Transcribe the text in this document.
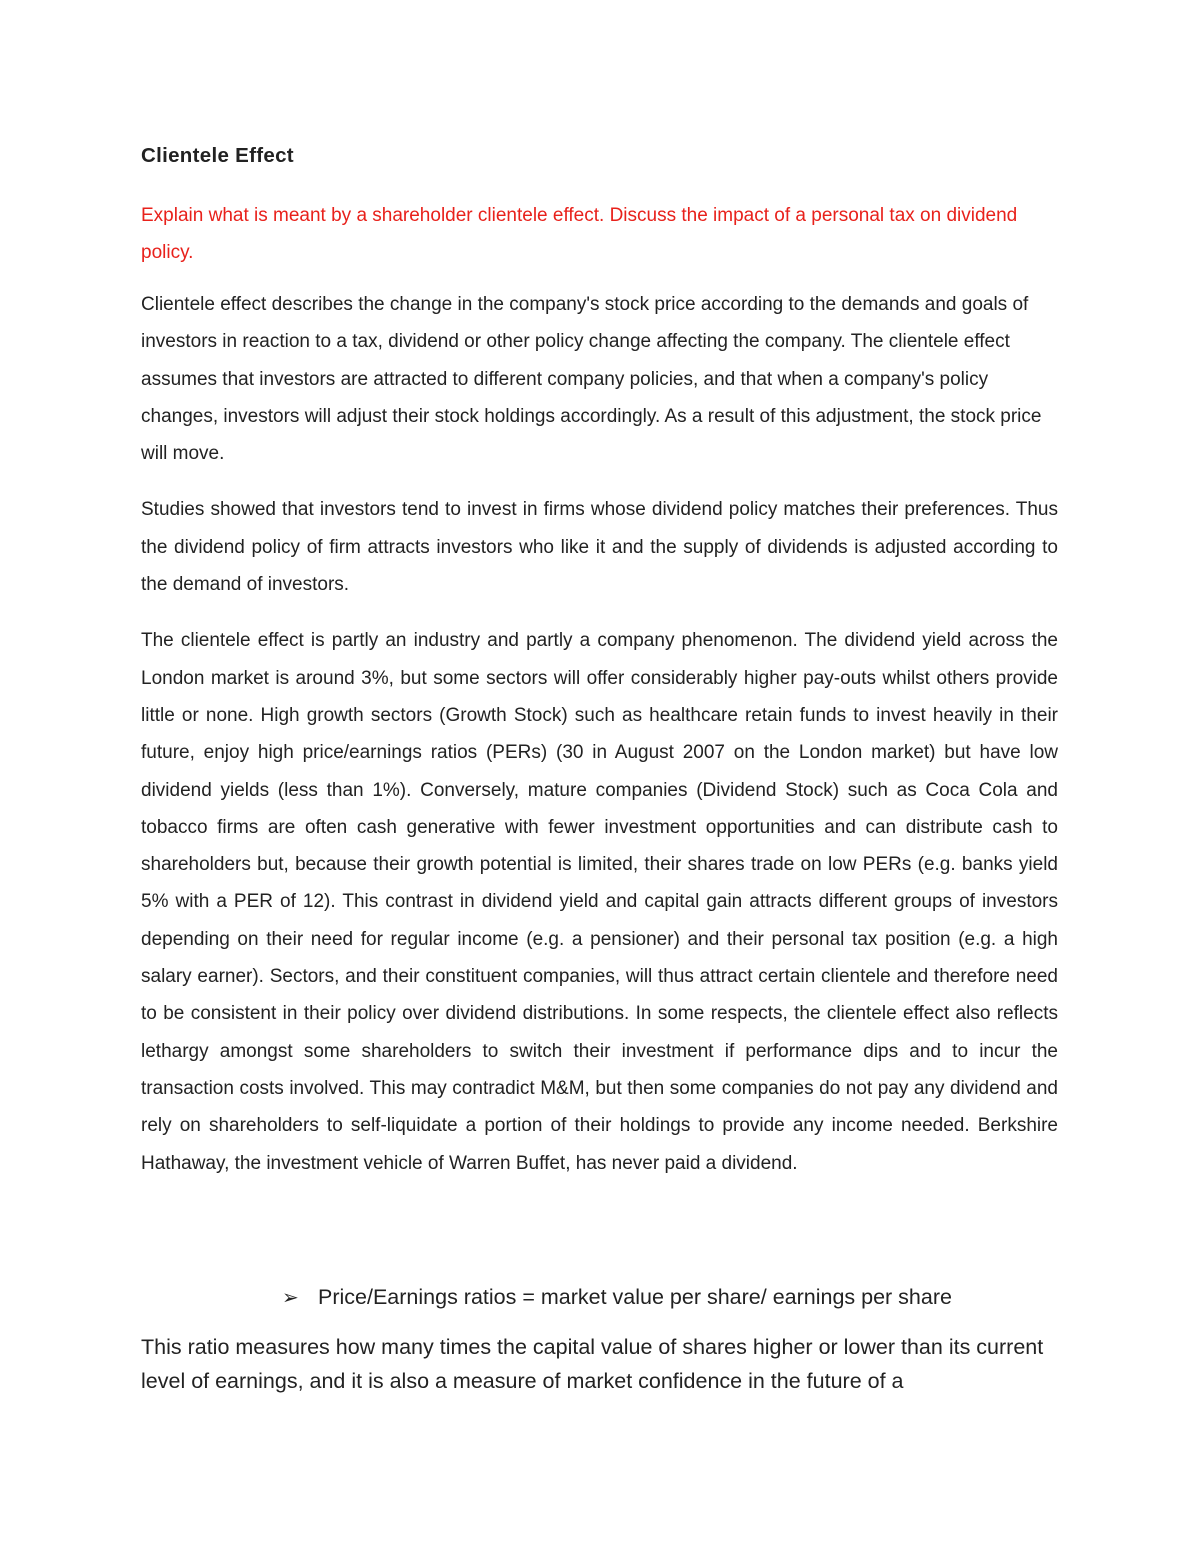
Clientele Effect

Explain what is meant by a shareholder clientele effect. Discuss the impact of a personal tax on dividend policy.

Clientele effect describes the change in the company's stock price according to the demands and goals of investors in reaction to a tax, dividend or other policy change affecting the company. The clientele effect assumes that investors are attracted to different company policies, and that when a company's policy changes, investors will adjust their stock holdings accordingly. As a result of this adjustment, the stock price will move.

Studies showed that investors tend to invest in firms whose dividend policy matches their preferences. Thus the dividend policy of firm attracts investors who like it and the supply of dividends is adjusted according to the demand of investors.

The clientele effect is partly an industry and partly a company phenomenon. The dividend yield across the London market is around 3%, but some sectors will offer considerably higher pay-outs whilst others provide little or none. High growth sectors (Growth Stock) such as healthcare retain funds to invest heavily in their future, enjoy high price/earnings ratios (PERs) (30 in August 2007 on the London market) but have low dividend yields (less than 1%). Conversely, mature companies (Dividend Stock) such as Coca Cola and tobacco firms are often cash generative with fewer investment opportunities and can distribute cash to shareholders but, because their growth potential is limited, their shares trade on low PERs (e.g. banks yield 5% with a PER of 12). This contrast in dividend yield and capital gain attracts different groups of investors depending on their need for regular income (e.g. a pensioner) and their personal tax position (e.g. a high salary earner). Sectors, and their constituent companies, will thus attract certain clientele and therefore need to be consistent in their policy over dividend distributions. In some respects, the clientele effect also reflects lethargy amongst some shareholders to switch their investment if performance dips and to incur the transaction costs involved. This may contradict M&M, but then some companies do not pay any dividend and rely on shareholders to self-liquidate a portion of their holdings to provide any income needed. Berkshire Hathaway, the investment vehicle of Warren Buffet, has never paid a dividend.

➢ Price/Earnings ratios = market value per share/ earnings per share

This ratio measures how many times the capital value of shares higher or lower than its current level of earnings, and it is also a measure of market confidence in the future of a
